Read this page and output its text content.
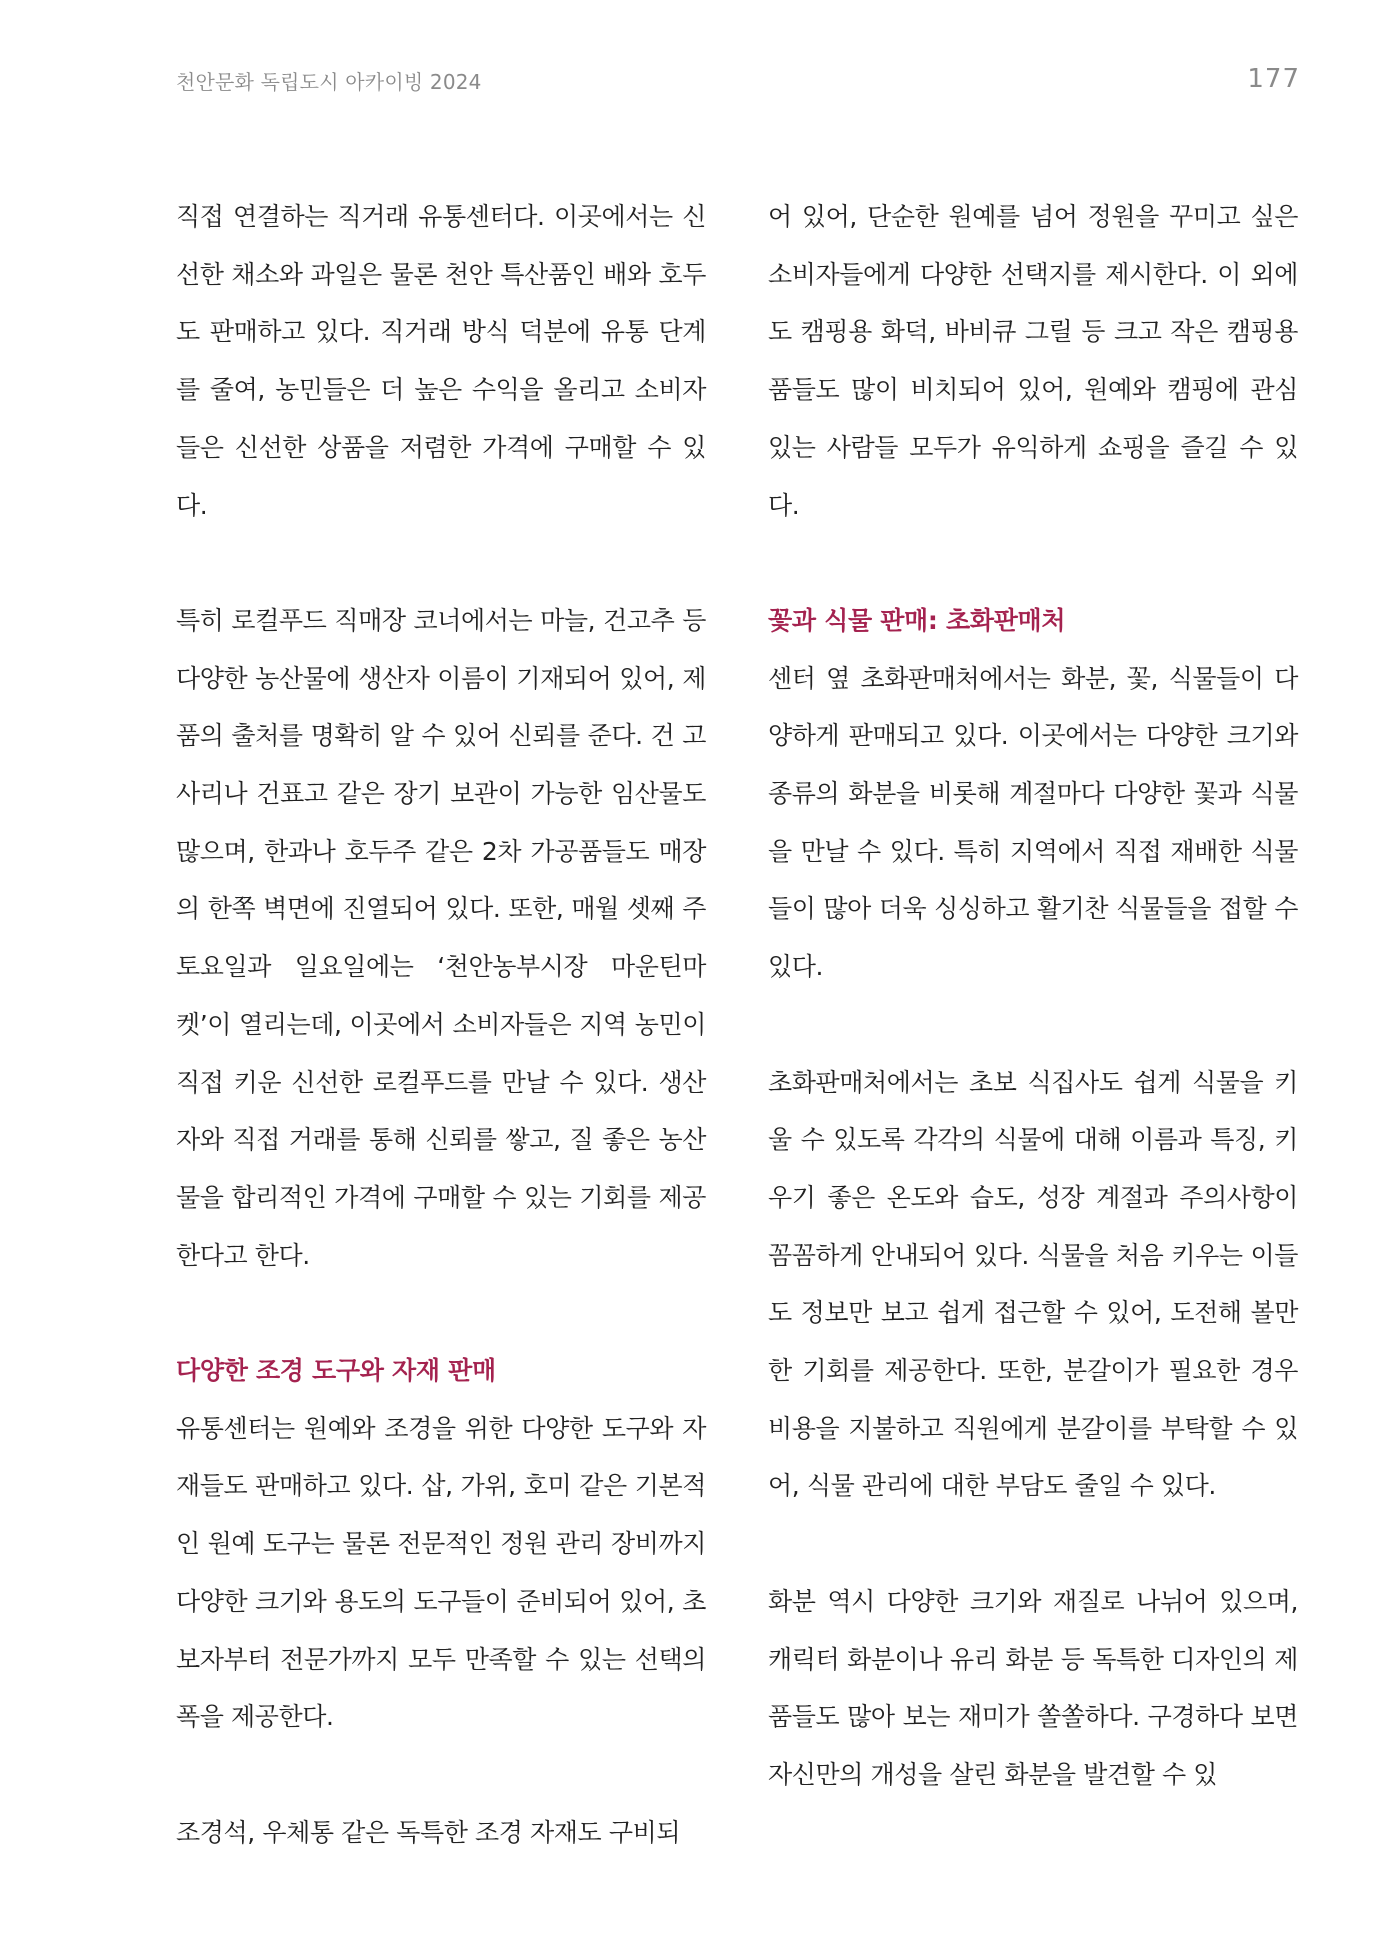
천안문화 독립도시 아카이빙 2024	177

직접 연결하는 직거래 유통센터다. 이곳에서는 신선한 채소와 과일은 물론 천안 특산품인 배와 호두도 판매하고 있다. 직거래 방식 덕분에 유통 단계를 줄여, 농민들은 더 높은 수익을 올리고 소비자들은 신선한 상품을 저렴한 가격에 구매할 수 있다.

특히 로컬푸드 직매장 코너에서는 마늘, 건고추 등 다양한 농산물에 생산자 이름이 기재되어 있어, 제품의 출처를 명확히 알 수 있어 신뢰를 준다. 건 고사리나 건표고 같은 장기 보관이 가능한 임산물도 많으며, 한과나 호두주 같은 2차 가공품들도 매장의 한쪽 벽면에 진열되어 있다. 또한, 매월 셋째 주 토요일과 일요일에는 ‘천안농부시장 마운틴마켓’이 열리는데, 이곳에서 소비자들은 지역 농민이 직접 키운 신선한 로컬푸드를 만날 수 있다. 생산자와 직접 거래를 통해 신뢰를 쌓고, 질 좋은 농산물을 합리적인 가격에 구매할 수 있는 기회를 제공한다고 한다.

다양한 조경 도구와 자재 판매

유통센터는 원예와 조경을 위한 다양한 도구와 자재들도 판매하고 있다. 삽, 가위, 호미 같은 기본적인 원예 도구는 물론 전문적인 정원 관리 장비까지 다양한 크기와 용도의 도구들이 준비되어 있어, 초보자부터 전문가까지 모두 만족할 수 있는 선택의 폭을 제공한다.

조경석, 우체통 같은 독특한 조경 자재도 구비되

어 있어, 단순한 원예를 넘어 정원을 꾸미고 싶은 소비자들에게 다양한 선택지를 제시한다. 이 외에도 캠핑용 화덕, 바비큐 그릴 등 크고 작은 캠핑용품들도 많이 비치되어 있어, 원예와 캠핑에 관심 있는 사람들 모두가 유익하게 쇼핑을 즐길 수 있다.

꽃과 식물 판매: 초화판매처

센터 옆 초화판매처에서는 화분, 꽃, 식물들이 다양하게 판매되고 있다. 이곳에서는 다양한 크기와 종류의 화분을 비롯해 계절마다 다양한 꽃과 식물을 만날 수 있다. 특히 지역에서 직접 재배한 식물들이 많아 더욱 싱싱하고 활기찬 식물들을 접할 수 있다.

초화판매처에서는 초보 식집사도 쉽게 식물을 키울 수 있도록 각각의 식물에 대해 이름과 특징, 키우기 좋은 온도와 습도, 성장 계절과 주의사항이 꼼꼼하게 안내되어 있다. 식물을 처음 키우는 이들도 정보만 보고 쉽게 접근할 수 있어, 도전해 볼만한 기회를 제공한다. 또한, 분갈이가 필요한 경우 비용을 지불하고 직원에게 분갈이를 부탁할 수 있어, 식물 관리에 대한 부담도 줄일 수 있다.

화분 역시 다양한 크기와 재질로 나뉘어 있으며, 캐릭터 화분이나 유리 화분 등 독특한 디자인의 제품들도 많아 보는 재미가 쏠쏠하다. 구경하다 보면 자신만의 개성을 살린 화분을 발견할 수 있
